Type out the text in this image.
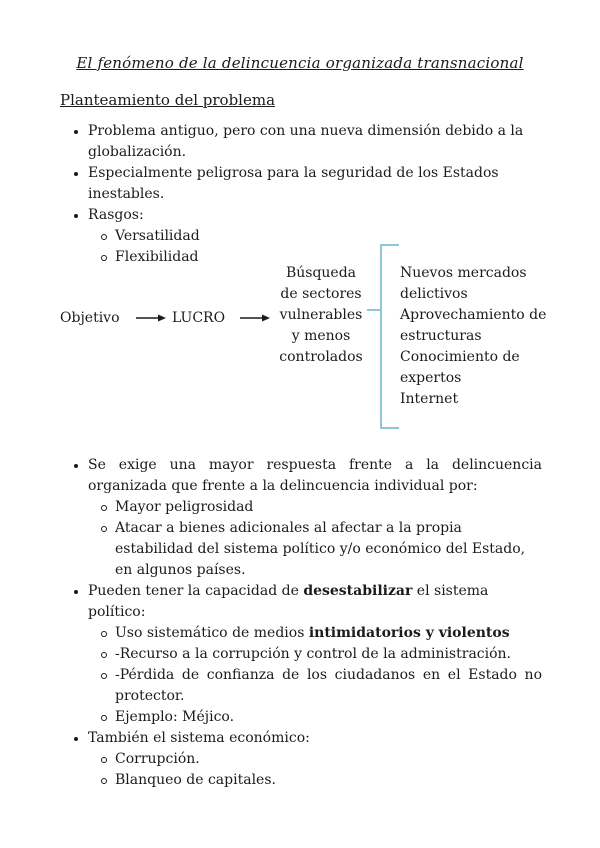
El fenómeno de la delincuencia organizada transnacional
Planteamiento del problema
Problema antiguo, pero con una nueva dimensión debido a la globalización.
Especialmente peligrosa para la seguridad de los Estados inestables.
Rasgos:
Versatilidad
Flexibilidad
Objetivo	LUCRO
Búsqueda
de sectores
vulnerables
y menos
controlados
Nuevos mercados
delictivos
Aprovechamiento de
estructuras
Conocimiento de
expertos
Internet
Se exige una mayor respuesta frente a la delincuencia organizada que frente a la delincuencia individual por:
Mayor peligrosidad
Atacar a bienes adicionales al afectar a la propia estabilidad del sistema político y/o económico del Estado, en algunos países.
Pueden tener la capacidad de desestabilizar el sistema político:
Uso sistemático de medios intimidatorios y violentos
-Recurso a la corrupción y control de la administración.
-Pérdida de confianza de los ciudadanos en el Estado no protector.
Ejemplo: Méjico.
También el sistema económico:
Corrupción.
Blanqueo de capitales.
